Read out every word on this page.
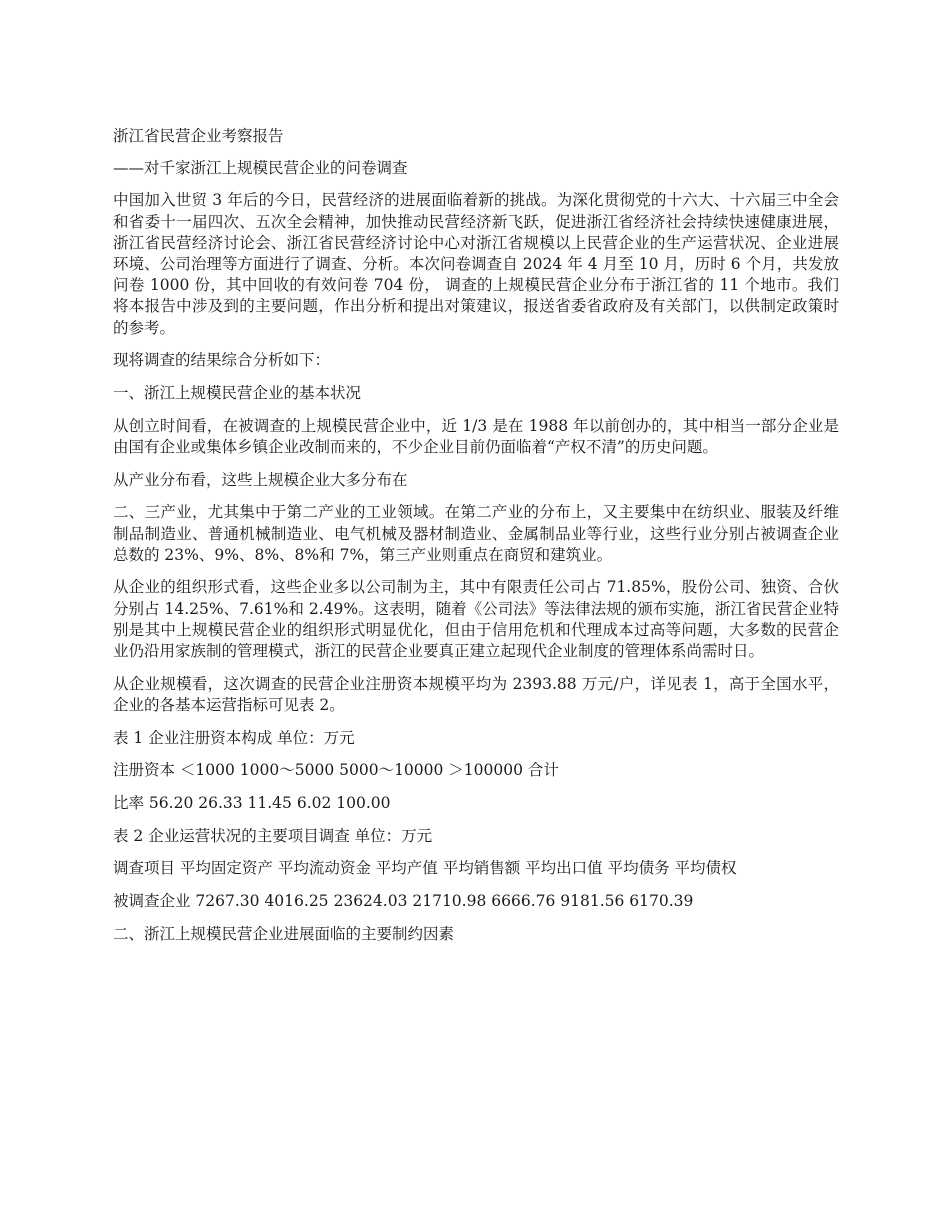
浙江省民营企业考察报告

——对千家浙江上规模民营企业的问卷调查

中国加入世贸 3 年后的今日，民营经济的进展面临着新的挑战。为深化贯彻党的十六大、十六届三中全会和省委十一届四次、五次全会精神，加快推动民营经济新飞跃，促进浙江省经济社会持续快速健康进展，浙江省民营经济讨论会、浙江省民营经济讨论中心对浙江省规模以上民营企业的生产运营状况、企业进展环境、公司治理等方面进行了调查、分析。本次问卷调查自 2024 年 4 月至 10 月，历时 6 个月，共发放问卷 1000 份，其中回收的有效问卷 704 份， 调查的上规模民营企业分布于浙江省的 11 个地市。我们将本报告中涉及到的主要问题，作出分析和提出对策建议，报送省委省政府及有关部门，以供制定政策时的参考。

现将调查的结果综合分析如下：

一、浙江上规模民营企业的基本状况

从创立时间看，在被调查的上规模民营企业中，近 1/3 是在 1988 年以前创办的，其中相当一部分企业是由国有企业或集体乡镇企业改制而来的，不少企业目前仍面临着“产权不清”的历史问题。

从产业分布看，这些上规模企业大多分布在

二、三产业，尤其集中于第二产业的工业领域。在第二产业的分布上，又主要集中在纺织业、服装及纤维制品制造业、普通机械制造业、电气机械及器材制造业、金属制品业等行业，这些行业分别占被调查企业总数的 23%、9%、8%、8%和 7%，第三产业则重点在商贸和建筑业。

从企业的组织形式看，这些企业多以公司制为主，其中有限责任公司占 71.85%，股份公司、独资、合伙分别占 14.25%、7.61%和 2.49%。这表明，随着《公司法》等法律法规的颁布实施，浙江省民营企业特别是其中上规模民营企业的组织形式明显优化，但由于信用危机和代理成本过高等问题，大多数的民营企业仍沿用家族制的管理模式，浙江的民营企业要真正建立起现代企业制度的管理体系尚需时日。

从企业规模看，这次调查的民营企业注册资本规模平均为 2393.88 万元/户，详见表 1，高于全国水平，企业的各基本运营指标可见表 2。

表 1 企业注册资本构成 单位：万元

注册资本 ＜1000 1000～5000 5000～10000 ＞100000 合计

比率 56.20 26.33 11.45 6.02 100.00

表 2 企业运营状况的主要项目调查 单位：万元

调查项目 平均固定资产 平均流动资金 平均产值 平均销售额 平均出口值 平均债务 平均债权

被调查企业 7267.30 4016.25 23624.03 21710.98 6666.76 9181.56 6170.39

二、浙江上规模民营企业进展面临的主要制约因素
